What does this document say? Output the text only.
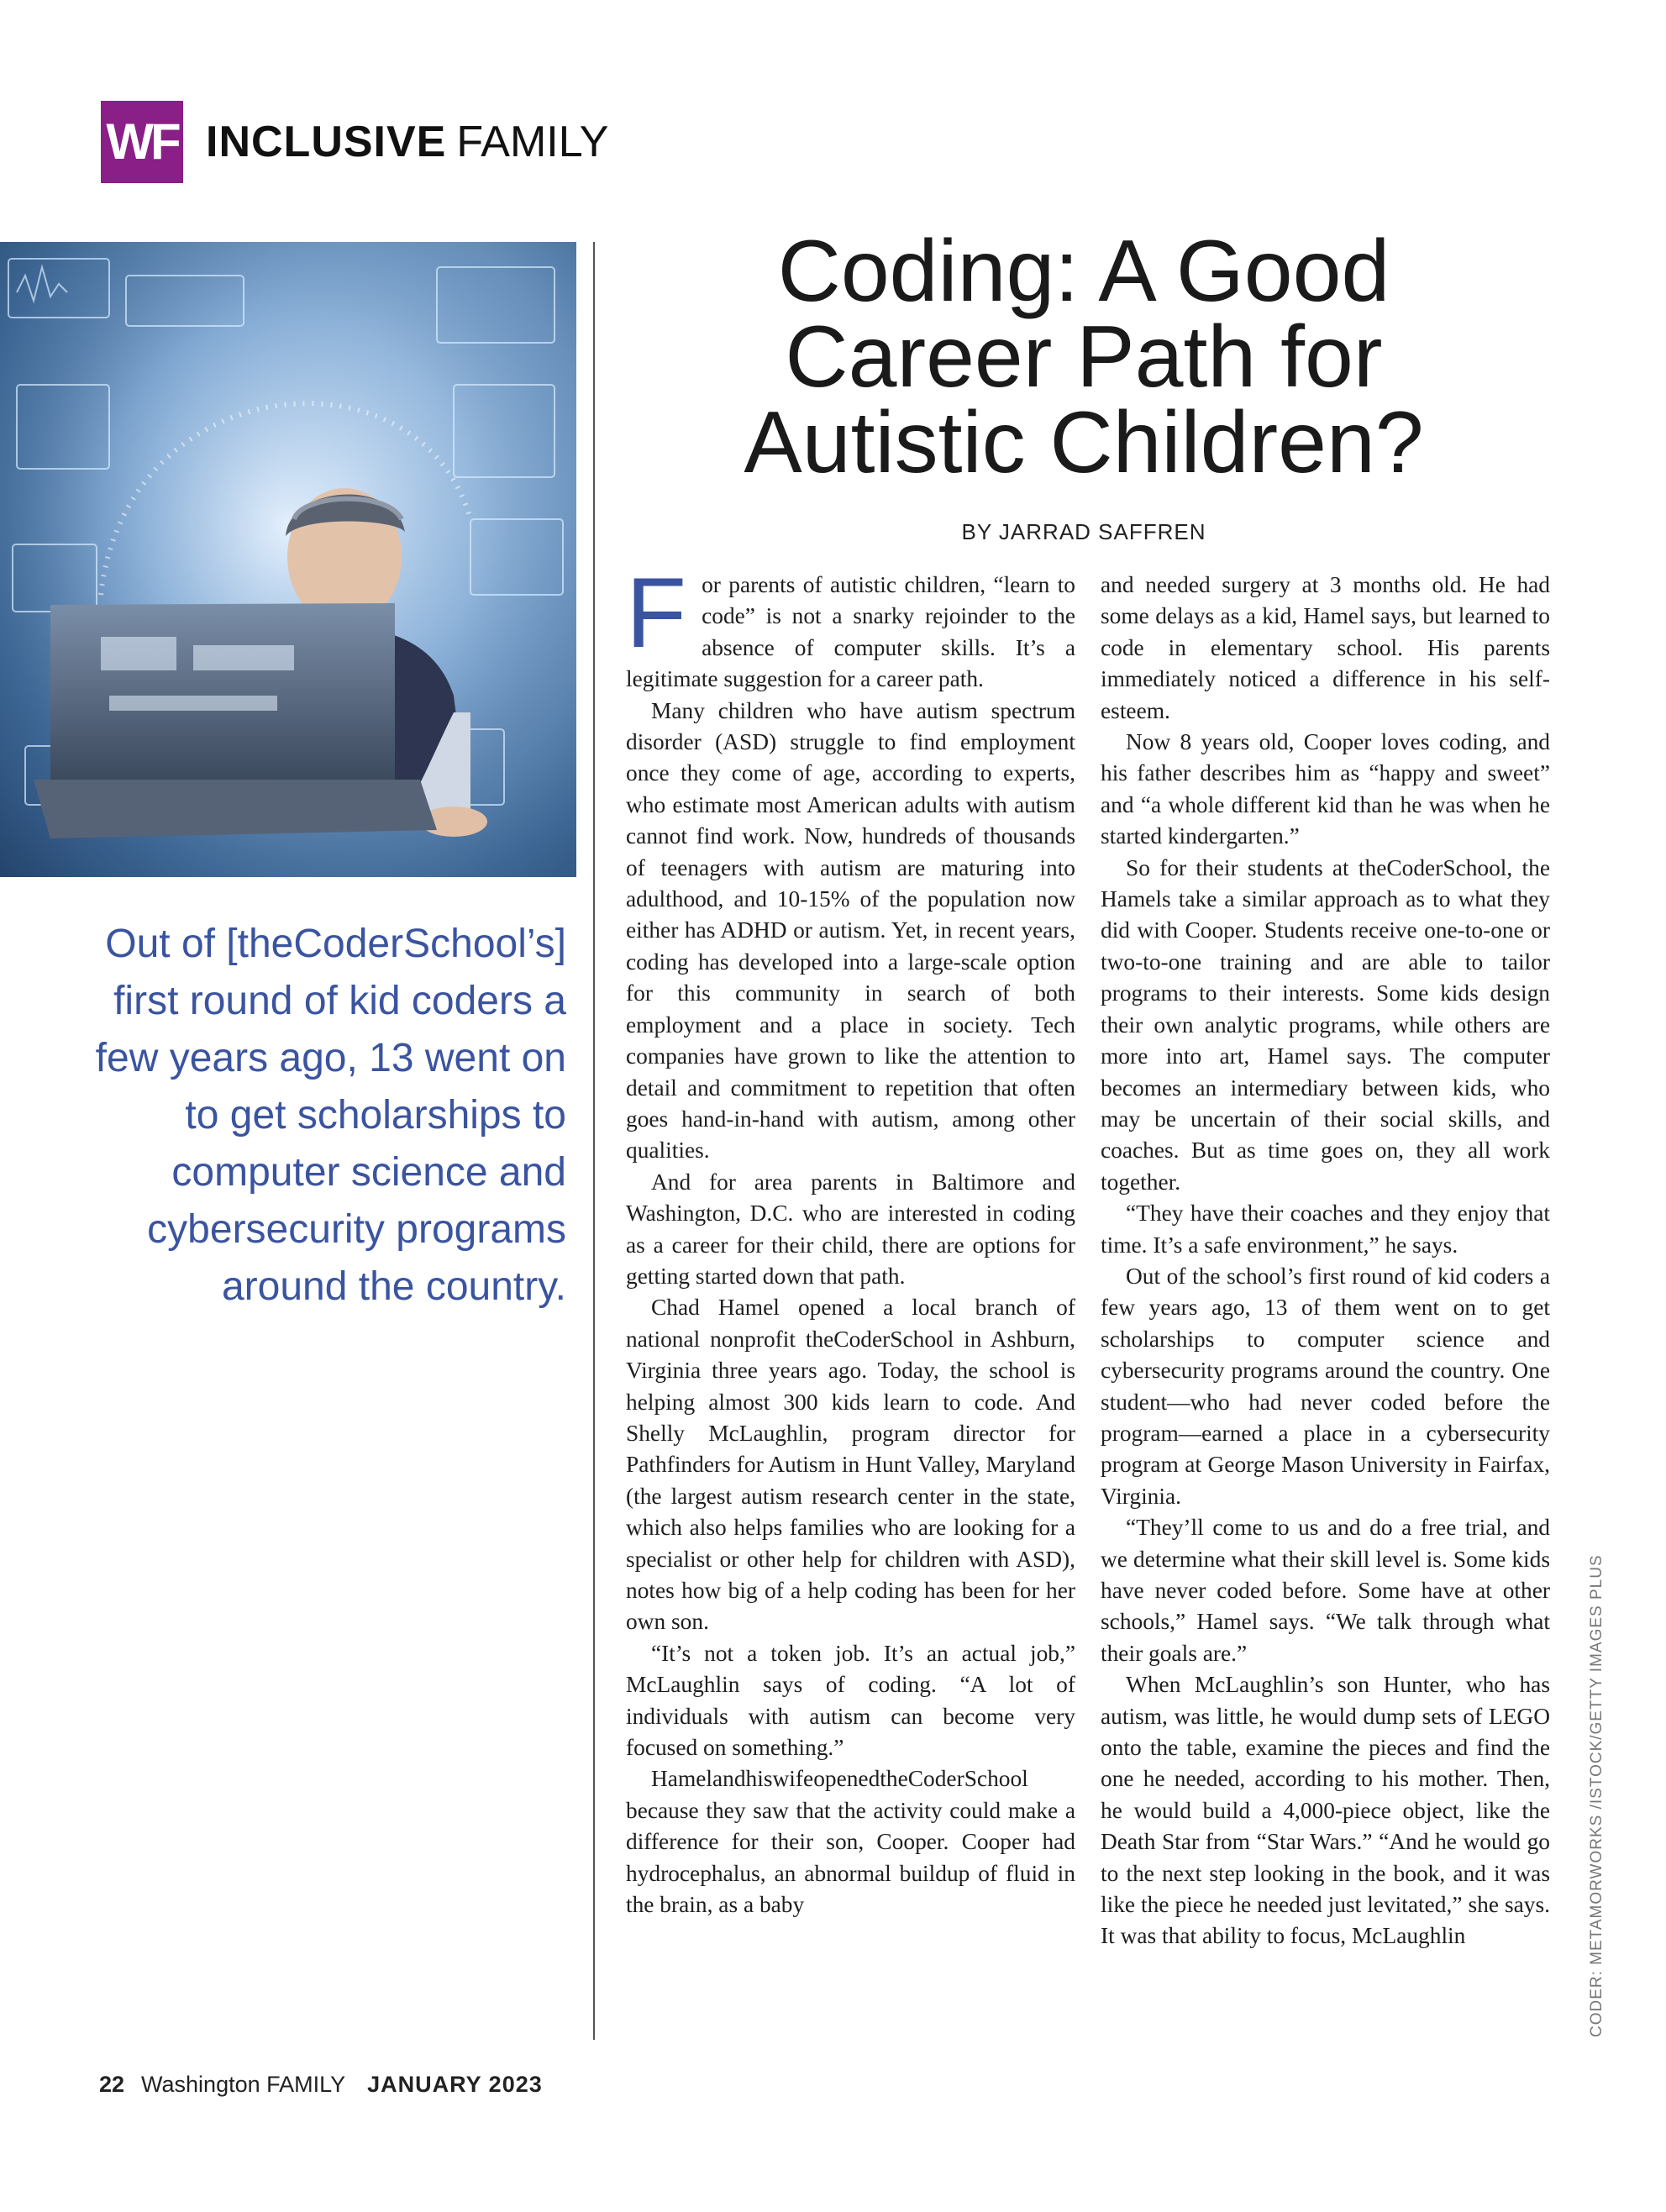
WF INCLUSIVE FAMILY

Out of [theCoderSchool’s] first round of kid coders a few years ago, 13 went on to get scholarships to computer science and cybersecurity programs around the country.

Coding: A Good Career Path for Autistic Children?
BY JARRAD SAFFREN

For parents of autistic children, “learn to code” is not a snarky rejoinder to the absence of computer skills. It’s a legitimate suggestion for a career path.

Many children who have autism spectrum disorder (ASD) struggle to find employment once they come of age, according to experts, who estimate most American adults with autism cannot find work. Now, hundreds of thousands of teenagers with autism are maturing into adulthood, and 10-15% of the population now either has ADHD or autism. Yet, in recent years, coding has developed into a large-scale option for this community in search of both employment and a place in society. Tech companies have grown to like the attention to detail and commitment to repetition that often goes hand-in-hand with autism, among other qualities.

And for area parents in Baltimore and Washington, D.C. who are interested in coding as a career for their child, there are options for getting started down that path.

Chad Hamel opened a local branch of national nonprofit theCoderSchool in Ashburn, Virginia three years ago. Today, the school is helping almost 300 kids learn to code. And Shelly McLaughlin, program director for Pathfinders for Autism in Hunt Valley, Maryland (the largest autism research center in the state, which also helps families who are looking for a specialist or other help for children with ASD), notes how big of a help coding has been for her own son.

“It’s not a token job. It’s an actual job,” McLaughlin says of coding. “A lot of individuals with autism can become very focused on something.”

HamelandhiswifeopenedtheCoderSchool because they saw that the activity could make a difference for their son, Cooper. Cooper had hydrocephalus, an abnormal buildup of fluid in the brain, as a baby

and needed surgery at 3 months old. He had some delays as a kid, Hamel says, but learned to code in elementary school. His parents immediately noticed a difference in his self-esteem.

Now 8 years old, Cooper loves coding, and his father describes him as “happy and sweet” and “a whole different kid than he was when he started kindergarten.”

So for their students at theCoderSchool, the Hamels take a similar approach as to what they did with Cooper. Students receive one-to-one or two-to-one training and are able to tailor programs to their interests. Some kids design their own analytic programs, while others are more into art, Hamel says. The computer becomes an intermediary between kids, who may be uncertain of their social skills, and coaches. But as time goes on, they all work together.

“They have their coaches and they enjoy that time. It’s a safe environment,” he says.

Out of the school’s first round of kid coders a few years ago, 13 of them went on to get scholarships to computer science and cybersecurity programs around the country. One student—who had never coded before the program—earned a place in a cybersecurity program at George Mason University in Fairfax, Virginia.

“They’ll come to us and do a free trial, and we determine what their skill level is. Some kids have never coded before. Some have at other schools,” Hamel says. “We talk through what their goals are.”

When McLaughlin’s son Hunter, who has autism, was little, he would dump sets of LEGO onto the table, examine the pieces and find the one he needed, according to his mother. Then, he would build a 4,000-piece object, like the Death Star from “Star Wars.” “And he would go to the next step looking in the book, and it was like the piece he needed just levitated,” she says. It was that ability to focus, McLaughlin	CODER: METAMORWORKS /ISTOCK/GETTY IMAGES PLUS
22 Washington FAMILY JANUARY 2023
